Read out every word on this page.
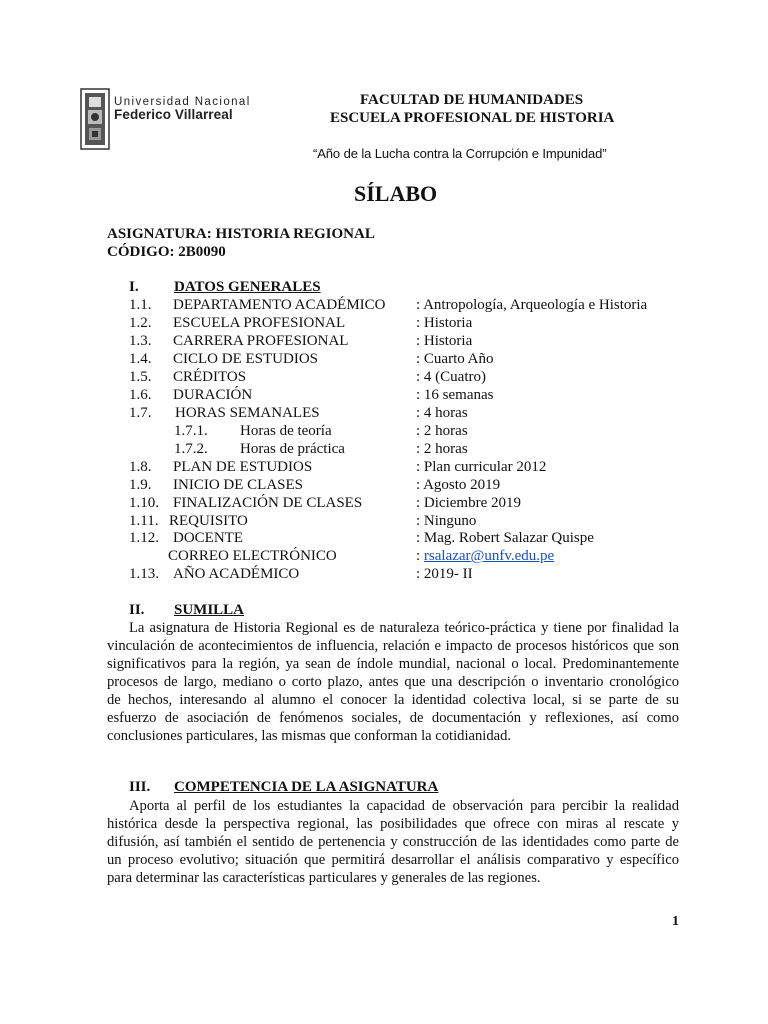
Universidad Nacional
Federico Villarreal
FACULTAD DE HUMANIDADES
ESCUELA PROFESIONAL DE HISTORIA
“Año de la Lucha contra la Corrupción e Impunidad”
SÍLABO
ASIGNATURA: HISTORIA REGIONAL
CÓDIGO: 2B0090
I. DATOS GENERALES
1.1. DEPARTAMENTO ACADÉMICO : Antropología, Arqueología e Historia
1.2. ESCUELA PROFESIONAL	: Historia
1.3. CARRERA PROFESIONAL	: Historia
1.4. CICLO DE ESTUDIOS	: Cuarto Año
1.5. CRÉDITOS	: 4 (Cuatro)
1.6. DURACIÓN	: 16 semanas
1.7. HORAS SEMANALES	: 4 horas
1.7.1. Horas de teoría	: 2 horas
1.7.2. Horas de práctica	: 2 horas
1.8. PLAN DE ESTUDIOS	: Plan curricular 2012
1.9. INICIO DE CLASES	: Agosto 2019
1.10. FINALIZACIÓN DE CLASES	: Diciembre 2019
1.11. REQUISITO	: Ninguno
1.12. DOCENTE	: Mag. Robert Salazar Quispe
CORREO ELECTRÓNICO	: rsalazar@unfv.edu.pe
1.13. AÑO ACADÉMICO	: 2019- II
II. SUMILLA
La asignatura de Historia Regional es de naturaleza teórico-práctica y tiene por finalidad la
vinculación de acontecimientos de influencia, relación e impacto de procesos históricos que son
significativos para la región, ya sean de índole mundial, nacional o local. Predominantemente
procesos de largo, mediano o corto plazo, antes que una descripción o inventario cronológico
de hechos, interesando al alumno el conocer la identidad colectiva local, si se parte de su
esfuerzo de asociación de fenómenos sociales, de documentación y reflexiones, así como
conclusiones particulares, las mismas que conforman la cotidianidad.
III. COMPETENCIA DE LA ASIGNATURA
Aporta al perfil de los estudiantes la capacidad de observación para percibir la realidad
histórica desde la perspectiva regional, las posibilidades que ofrece con miras al rescate y
difusión, así también el sentido de pertenencia y construcción de las identidades como parte de
un proceso evolutivo; situación que permitirá desarrollar el análisis comparativo y específico
para determinar las características particulares y generales de las regiones.
1
